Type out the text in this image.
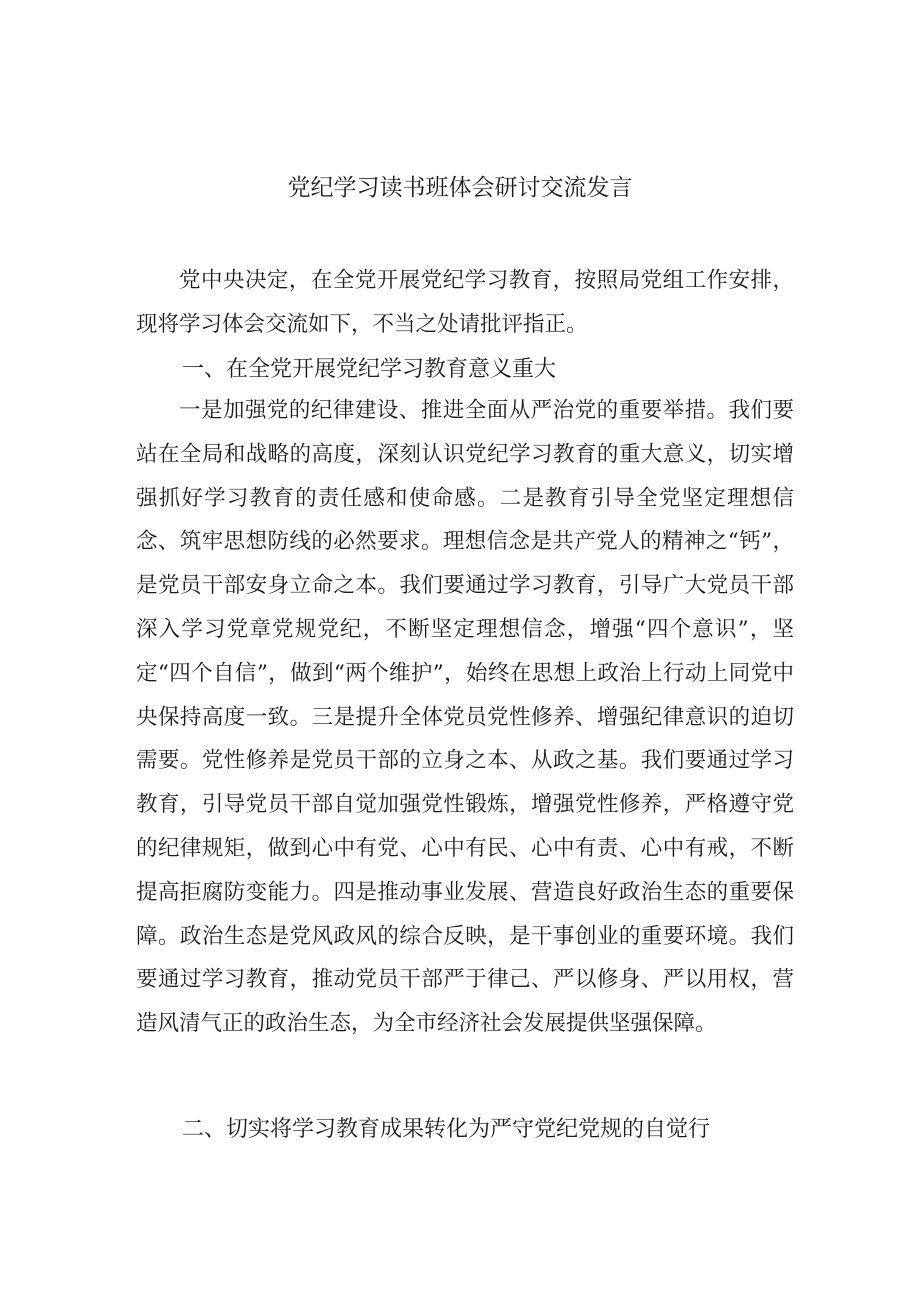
党纪学习读书班体会研讨交流发言

党中央决定，在全党开展党纪学习教育，按照局党组工作安排，现将学习体会交流如下，不当之处请批评指正。

一、在全党开展党纪学习教育意义重大

一是加强党的纪律建设、推进全面从严治党的重要举措。我们要站在全局和战略的高度，深刻认识党纪学习教育的重大意义，切实增强抓好学习教育的责任感和使命感。二是教育引导全党坚定理想信念、筑牢思想防线的必然要求。理想信念是共产党人的精神之“钙”，是党员干部安身立命之本。我们要通过学习教育，引导广大党员干部深入学习党章党规党纪，不断坚定理想信念，增强“四个意识”，坚定“四个自信”，做到“两个维护”，始终在思想上政治上行动上同党中央保持高度一致。三是提升全体党员党性修养、增强纪律意识的迫切需要。党性修养是党员干部的立身之本、从政之基。我们要通过学习教育，引导党员干部自觉加强党性锻炼，增强党性修养，严格遵守党的纪律规矩，做到心中有党、心中有民、心中有责、心中有戒，不断提高拒腐防变能力。四是推动事业发展、营造良好政治生态的重要保障。政治生态是党风政风的综合反映，是干事创业的重要环境。我们要通过学习教育，推动党员干部严于律己、严以修身、严以用权，营造风清气正的政治生态，为全市经济社会发展提供坚强保障。

二、切实将学习教育成果转化为严守党纪党规的自觉行
